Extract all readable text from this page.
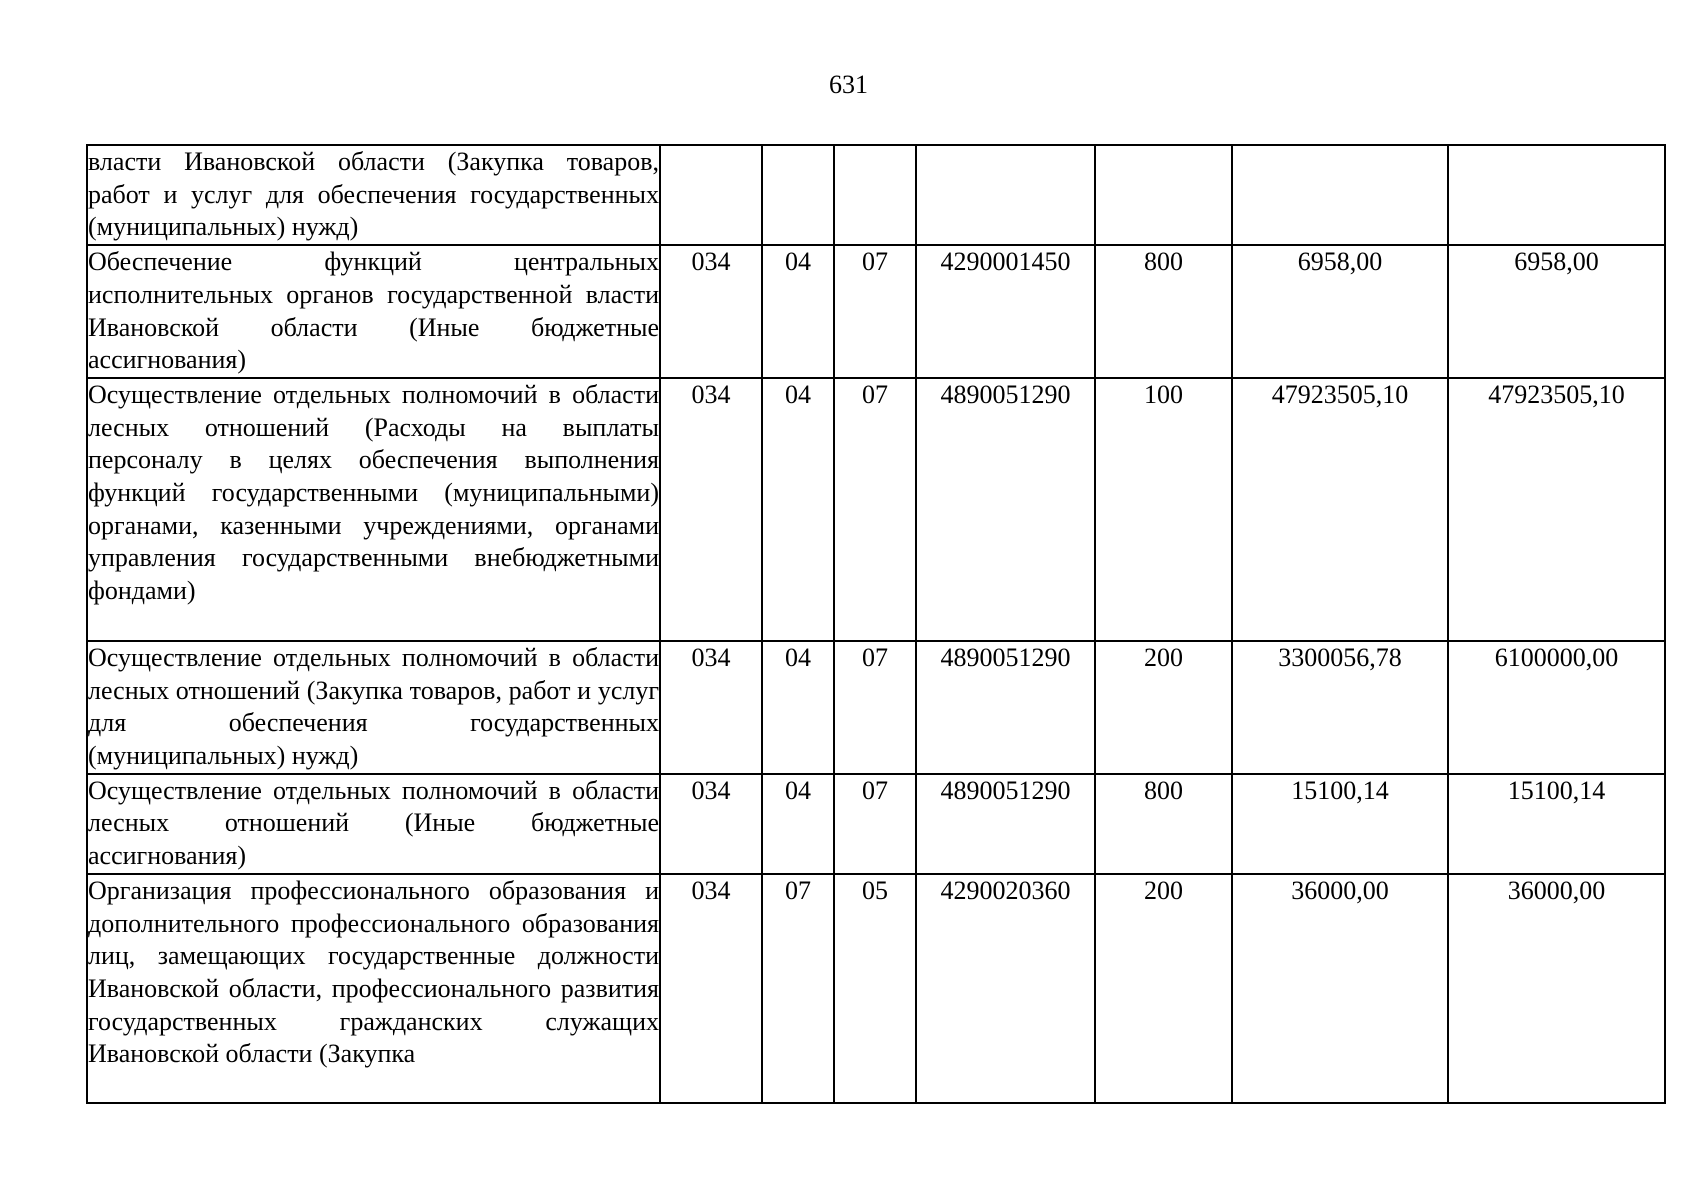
631
власти Ивановской области (Закупка товаров, работ и услуг для обеспечения государственных (муниципальных) нужд)							
Обеспечение функций центральных исполнительных органов государственной власти Ивановской области (Иные бюджетные ассигнования)	034	04	07	4290001450	800	6958,00	6958,00
Осуществление отдельных полномочий в области лесных отношений (Расходы на выплаты персоналу в целях обеспечения выполнения функций государственными (муниципальными) органами, казенными учреждениями, органами управления государственными внебюджетными фондами)	034	04	07	4890051290	100	47923505,10	47923505,10
Осуществление отдельных полномочий в области лесных отношений (Закупка товаров, работ и услуг для обеспечения государственных (муниципальных) нужд)	034	04	07	4890051290	200	3300056,78	6100000,00
Осуществление отдельных полномочий в области лесных отношений (Иные бюджетные ассигнования)	034	04	07	4890051290	800	15100,14	15100,14
Организация профессионального образования и дополнительного профессионального образования лиц, замещающих государственные должности Ивановской области, профессионального развития государственных гражданских служащих Ивановской области (Закупка	034	07	05	4290020360	200	36000,00	36000,00
